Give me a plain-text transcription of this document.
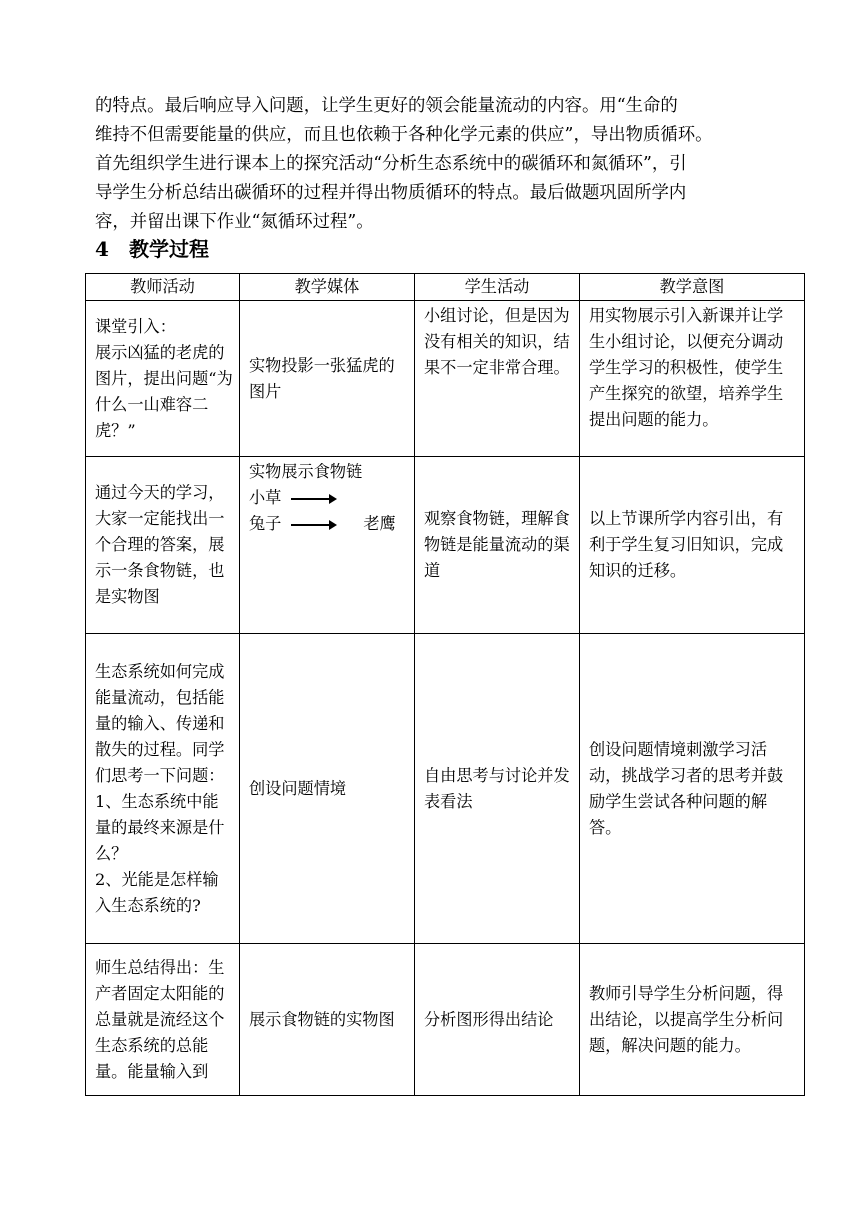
的特点。最后响应导入问题，让学生更好的领会能量流动的内容。用“生命的

维持不但需要能量的供应，而且也依赖于各种化学元素的供应”，导出物质循环。

首先组织学生进行课本上的探究活动“分析生态系统中的碳循环和氮循环”，引

导学生分析总结出碳循环的过程并得出物质循环的特点。最后做题巩固所学内

容，并留出课下作业“氮循环过程”。

4 教学过程
教师活动	教学媒体	学生活动	教学意图

课堂引入：
展示凶猛的老虎的图片，提出问题“为什么一山难容二虎？”	实物投影一张猛虎的图片	小组讨论，但是因为没有相关的知识，结果不一定非常合理。	用实物展示引入新课并让学生小组讨论，以便充分调动学生学习的积极性，使学生产生探究的欲望，培养学生提出问题的能力。
通过今天的学习，大家一定能找出一个合理的答案，展示一条食物链，也是实物图	实物展示食物链
小草
兔子 老鹰	观察食物链，理解食物链是能量流动的渠道	以上节课所学内容引出，有利于学生复习旧知识，完成知识的迁移。

生态系统如何完成能量流动，包括能量的输入、传递和散失的过程。同学们思考一下问题：
1、生态系统中能量的最终来源是什么？
2、光能是怎样输入生态系统的?	创设问题情境	自由思考与讨论并发表看法	创设问题情境刺激学习活动，挑战学习者的思考并鼓励学生尝试各种问题的解答。
师生总结得出：生产者固定太阳能的总量就是流经这个生态系统的总能量。能量输入到	展示食物链的实物图	分析图形得出结论	教师引导学生分析问题，得出结论，以提高学生分析问题，解决问题的能力。
